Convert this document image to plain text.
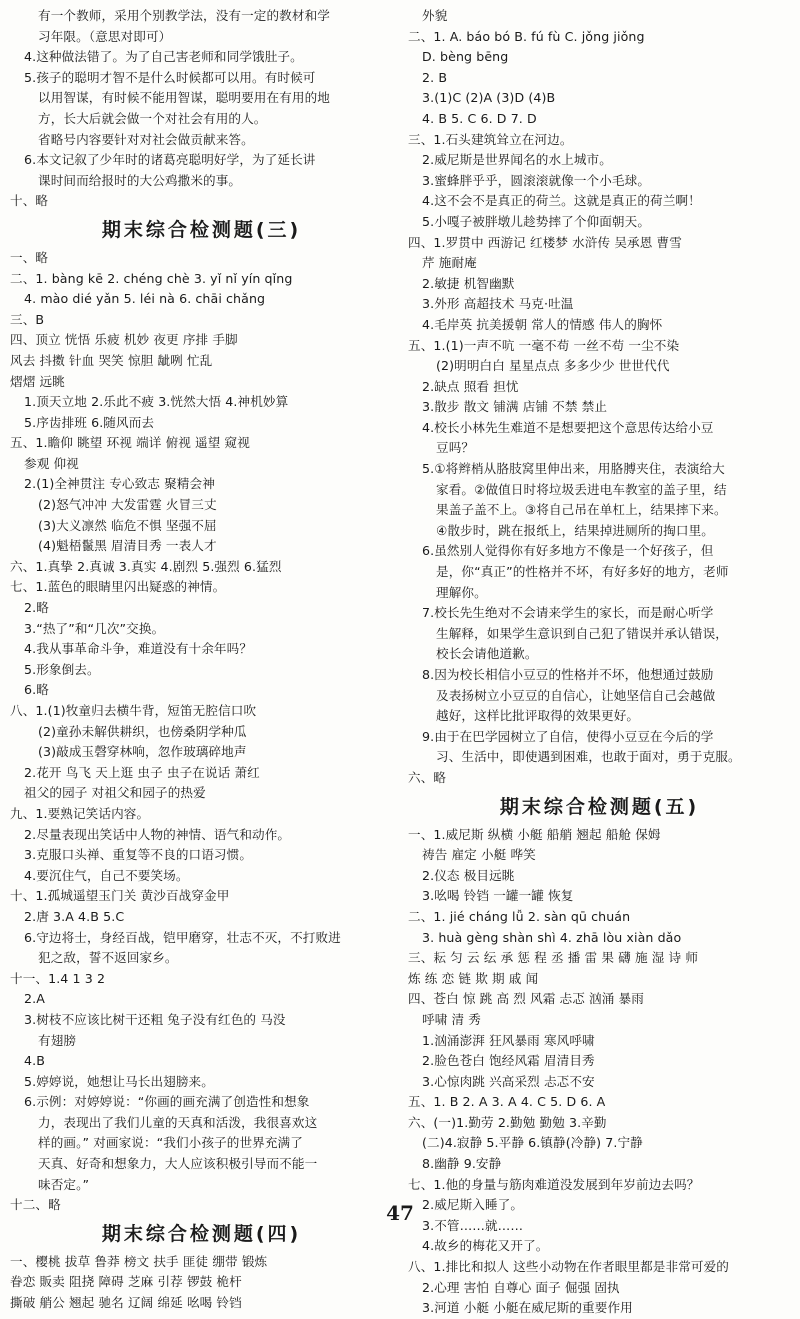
有一个教师，采用个别教学法，没有一定的教材和学
习年限。（意思对即可）
4.这种做法错了。为了自己害老师和同学饿肚子。
5.孩子的聪明才智不是什么时候都可以用。有时候可
以用智谋，有时候不能用智谋，聪明要用在有用的地
方，长大后就会做一个对社会有用的人。
省略号内容要针对对社会做贡献来答。
6.本文记叙了少年时的诸葛亮聪明好学，为了延长讲
课时间而给报时的大公鸡撒米的事。
十、略
期末综合检测题(三)
一、略
二、1. bàng kē 2. chéng chè 3. yǐ nǐ yín qǐng
4. mào dié yǎn 5. léi nà 6. chāi chǎng
三、B
四、顶立 恍悟 乐疲 机妙 夜更 序排 手脚
风去 抖擞 针血 哭笑 惊胆 龇咧 忙乱
熠熠 远眺
1.顶天立地 2.乐此不疲 3.恍然大悟 4.神机妙算
5.序齿排班 6.随风而去
五、1.瞻仰 眺望 环视 端详 俯视 遥望 窥视
参观 仰视
2.(1)全神贯注 专心致志 聚精会神
(2)怒气冲冲 大发雷霆 火冒三丈
(3)大义凛然 临危不惧 坚强不屈
(4)魁梧鬣黑 眉清目秀 一表人才
六、1.真挚 2.真诚 3.真实 4.剧烈 5.强烈 6.猛烈
七、1.蓝色的眼睛里闪出疑惑的神情。
2.略
3.“热了”和“几次”交换。
4.我从事革命斗争，难道没有十余年吗？
5.形象倒去。
6.略
八、1.(1)牧童归去横牛背，短笛无腔信口吹
(2)童孙未解供耕织，也傍桑阴学种瓜
(3)敲成玉磬穿林响，忽作玻璃碎地声
2.花开 鸟飞 天上逛 虫子 虫子在说话 萧红
祖父的园子 对祖父和园子的热爱
九、1.要熟记笑话内容。
2.尽量表现出笑话中人物的神情、语气和动作。
3.克服口头禅、重复等不良的口语习惯。
4.要沉住气，自己不要笑场。
十、1.孤城遥望玉门关 黄沙百战穿金甲
2.唐 3.A 4.B 5.C
6.守边将士，身经百战，铠甲磨穿，壮志不灭，不打败进
犯之敌，誓不返回家乡。
十一、1.4 1 3 2
2.A
3.树枝不应该比树干还粗 兔子没有红色的 马没
有翅膀
4.B
5.婷婷说，她想让马长出翅膀来。
6.示例：对婷婷说：“你画的画充满了创造性和想象
力，表现出了我们儿童的天真和活泼，我很喜欢这
样的画。” 对画家说：“我们小孩子的世界充满了
天真、好奇和想象力，大人应该积极引导而不能一
味否定。”
十二、略
期末综合检测题(四)
一、樱桃 拔草 鲁莽 榜文 扶手 匪徒 绷带 锻炼
眷恋 販卖 阻挠 障碍 芝麻 引荐 锣鼓 桅杆
撕破 艄公 翘起 驰名 辽阔 绵延 吆喝 铃铛
外貌
二、1. A. báo bó B. fú fù C. jǒng jiǒng
D. bèng bēng
2. B
3.(1)C (2)A (3)D (4)B
4. B 5. C 6. D 7. D
三、1.石头建筑耸立在河边。
2.威尼斯是世界闻名的水上城市。
3.蜜蜂胖乎乎，圆滚滚就像一个小毛球。
4.这不会不是真正的荷兰。这就是真正的荷兰啊！
5.小嘎子被胖墩儿趁势摔了个仰面朝天。
四、1.罗贯中 西游记 红楼梦 水浒传 吴承恩 曹雪
芹 施耐庵
2.敏捷 机智幽默
3.外形 高超技术 马克·吐温
4.毛岸英 抗美援朝 常人的情感 伟人的胸怀
五、1.(1)一声不吭 一毫不苟 一丝不苟 一尘不染
(2)明明白白 星星点点 多多少少 世世代代
2.缺点 照看 担忧
3.散步 散文 铺满 店铺 不禁 禁止
4.校长小林先生难道不是想要把这个意思传达给小豆
豆吗？
5.①将辫梢从胳肢窝里伸出来，用胳膊夹住，表演给大
家看。②做值日时将垃圾丢进电车教室的盖子里，结
果盖子盖不上。③将自己吊在单杠上，结果摔下来。
④散步时，跳在报纸上，结果掉进厕所的掏口里。
6.虽然别人觉得你有好多地方不像是一个好孩子，但
是，你“真正”的性格并不坏，有好多好的地方，老师
理解你。
7.校长先生绝对不会请来学生的家长，而是耐心听学
生解释，如果学生意识到自己犯了错误并承认错误，
校长会请他道歉。
8.因为校长相信小豆豆的性格并不坏，他想通过鼓励
及表扬树立小豆豆的自信心，让她坚信自己会越做
越好，这样比批评取得的效果更好。
9.由于在巴学园树立了自信，使得小豆豆在今后的学
习、生活中，即使遇到困难，也敢于面对，勇于克服。
六、略
期末综合检测题(五)
一、1.威尼斯 纵横 小艇 船艄 翘起 船舱 保姆
祷告 雇定 小艇 哗笑
2.仪态 极目远眺
3.吆喝 铃铛 一罐一罐 恢复
二、1. jié cháng lǚ 2. sàn qū chuán
3. huà gèng shàn shì 4. zhā lòu xiàn dǎo
三、耘 匀 云 纭 承 惩 程 丞 播 雷 果 礴 施 湿 诗 师
炼 练 恋 链 欺 期 戚 闻
四、苍白 惊 跳 高 烈 风霜 忐忑 汹涌 暴雨
呼啸 清 秀
1.汹涌澎湃 狂风暴雨 寒风呼啸
2.脸色苍白 饱经风霜 眉清目秀
3.心惊肉跳 兴高采烈 忐忑不安
五、1. B 2. A 3. A 4. C 5. D 6. A
六、(一)1.勤劳 2.勤勉 勤勉 3.辛勤
(二)4.寂静 5.平静 6.镇静(冷静) 7.宁静
8.幽静 9.安静
七、1.他的身量与筋肉难道没发展到年岁前边去吗？
2.威尼斯入睡了。
3.不管……就……
4.故乡的梅花又开了。
八、1.排比和拟人 这些小动物在作者眼里都是非常可爱的
2.心理 害怕 自尊心 面子 倔强 固执
3.河道 小艇 小艇在威尼斯的重要作用
47
